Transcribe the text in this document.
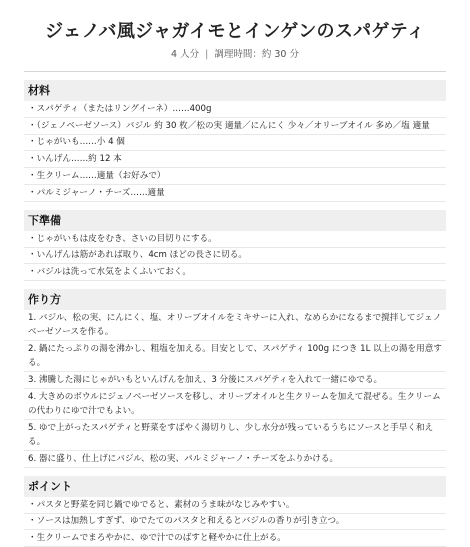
ジェノバ風ジャガイモとインゲンのスパゲティ
4 人分 | 調理時間：約 30 分
材料
・スパゲティ（またはリングイーネ）……400g
・（ジェノベーゼソース）バジル 約 30 枚／松の実 適量／にんにく 少々／オリーブオイル 多め／塩 適量
・じゃがいも……小 4 個
・いんげん……約 12 本
・生クリーム……適量（お好みで）
・パルミジャーノ・チーズ……適量
下準備
・じゃがいもは皮をむき、さいの目切りにする。
・いんげんは筋があれば取り、4cm ほどの長さに切る。
・バジルは洗って水気をよくふいておく。
作り方
1. バジル、松の実、にんにく、塩、オリーブオイルをミキサーに入れ、なめらかになるまで撹拌してジェノベーゼソースを作る。
2. 鍋にたっぷりの湯を沸かし、粗塩を加える。目安として、スパゲティ 100g につき 1L 以上の湯を用意する。
3. 沸騰した湯にじゃがいもといんげんを加え、3 分後にスパゲティを入れて一緒にゆでる。
4. 大きめのボウルにジェノベーゼソースを移し、オリーブオイルと生クリームを加えて混ぜる。生クリームの代わりにゆで汁でもよい。
5. ゆで上がったスパゲティと野菜をすばやく湯切りし、少し水分が残っているうちにソースと手早く和える。
6. 器に盛り、仕上げにバジル、松の実、パルミジャーノ・チーズをふりかける。
ポイント
・パスタと野菜を同じ鍋でゆでると、素材のうま味がなじみやすい。
・ソースは加熱しすぎず、ゆでたてのパスタと和えるとバジルの香りが引き立つ。
・生クリームでまろやかに、ゆで汁でのばすと軽やかに仕上がる。
